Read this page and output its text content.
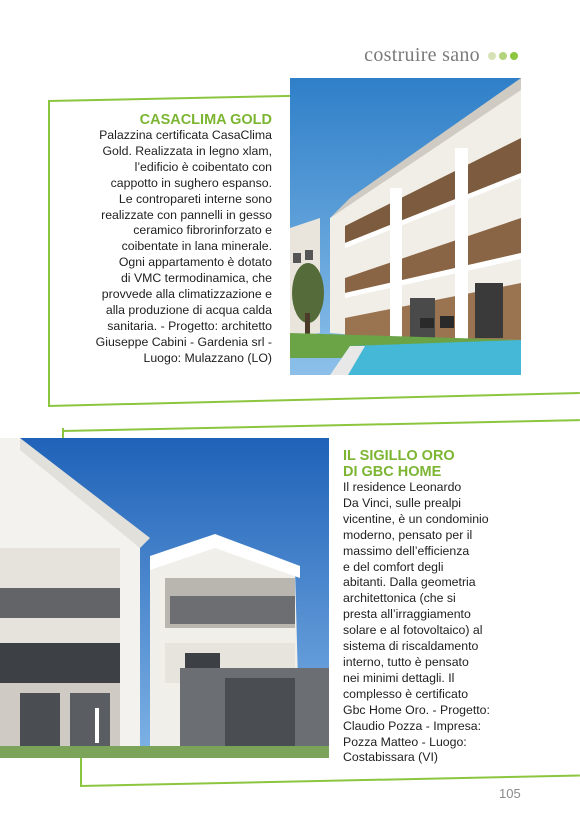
costruire sano
CASACLIMA GOLD
Palazzina certificata CasaClima
Gold. Realizzata in legno xlam,
l’edificio è coibentato con
cappotto in sughero espanso.
Le contropareti interne sono
realizzate con pannelli in gesso
ceramico fibrorinforzato e
coibentate in lana minerale.
Ogni appartamento è dotato
di VMC termodinamica, che
provvede alla climatizzazione e
alla produzione di acqua calda
sanitaria. - Progetto: architetto
Giuseppe Cabini - Gardenia srl -
Luogo: Mulazzano (LO)
IL SIGILLO ORO
DI GBC HOME
Il residence Leonardo
Da Vinci, sulle prealpi
vicentine, è un condominio
moderno, pensato per il
massimo dell’efficienza
e del comfort degli
abitanti. Dalla geometria
architettonica (che si
presta all’irraggiamento
solare e al fotovoltaico) al
sistema di riscaldamento
interno, tutto è pensato
nei minimi dettagli. Il
complesso è certificato
Gbc Home Oro. - Progetto:
Claudio Pozza - Impresa:
Pozza Matteo - Luogo:
Costabissara (VI)
105
